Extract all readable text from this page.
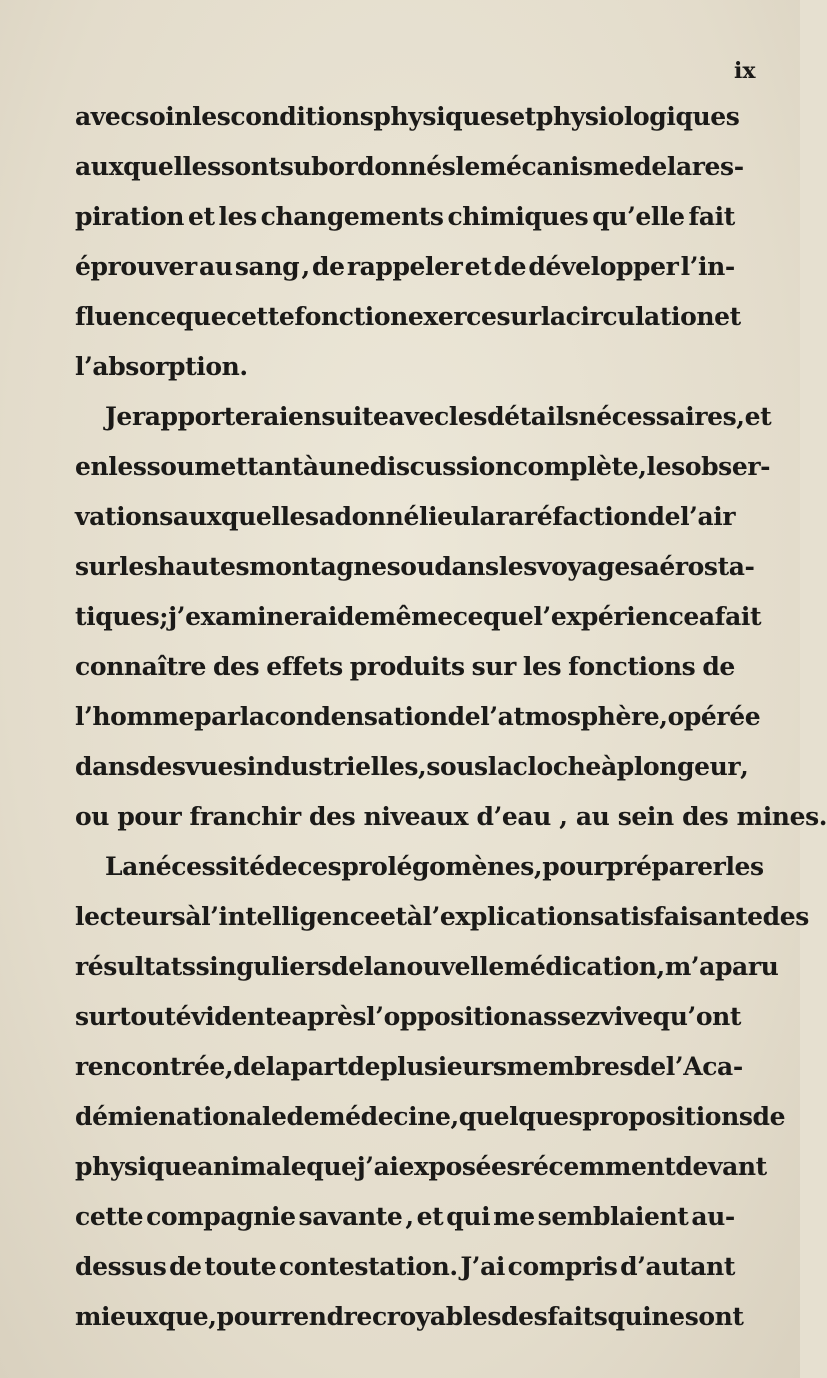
ix
avec soin les conditions physiques et physiologiques
auxquelles sont subordonnés le mécanisme de la res-
piration et les changements chimiques qu’elle fait
éprouver au sang , de rappeler et de développer l’in-
fluence que cette fonction exerce sur la circulation et
l’absorption.
Je rapporterai ensuite avec les détails nécessaires, et
en les soumettant à une discussion complète , les obser-
vations auxquelles a donné lieu la raréfaction de l’air
sur les hautes montagnes ou dans les voyages aérosta-
tiques ; j’examinerai de même ce que l’expérience a fait
connaître des effets produits sur les fonctions de
l’homme par la condensation de l’atmosphère , opérée
dans des vues industrielles , sous la cloche à plongeur ,
ou pour franchir des niveaux d’eau , au sein des mines.
La nécessité de ces prolégomènes , pour préparer les
lecteurs à l’intelligence et à l’explication satisfaisante des
résultats singuliers de la nouvelle médication, m’a paru
surtout évidente après l’opposition assez vive qu’ont
rencontrée , de la part de plusieurs membres de l’Aca-
démie nationale de médecine , quelques propositions de
physique animale que j’ai exposées récemment devant
cette compagnie savante , et qui me semblaient au-
dessus de toute contestation. J’ai compris d’autant
mieux que, pour rendre croyables des faits qui ne sont
